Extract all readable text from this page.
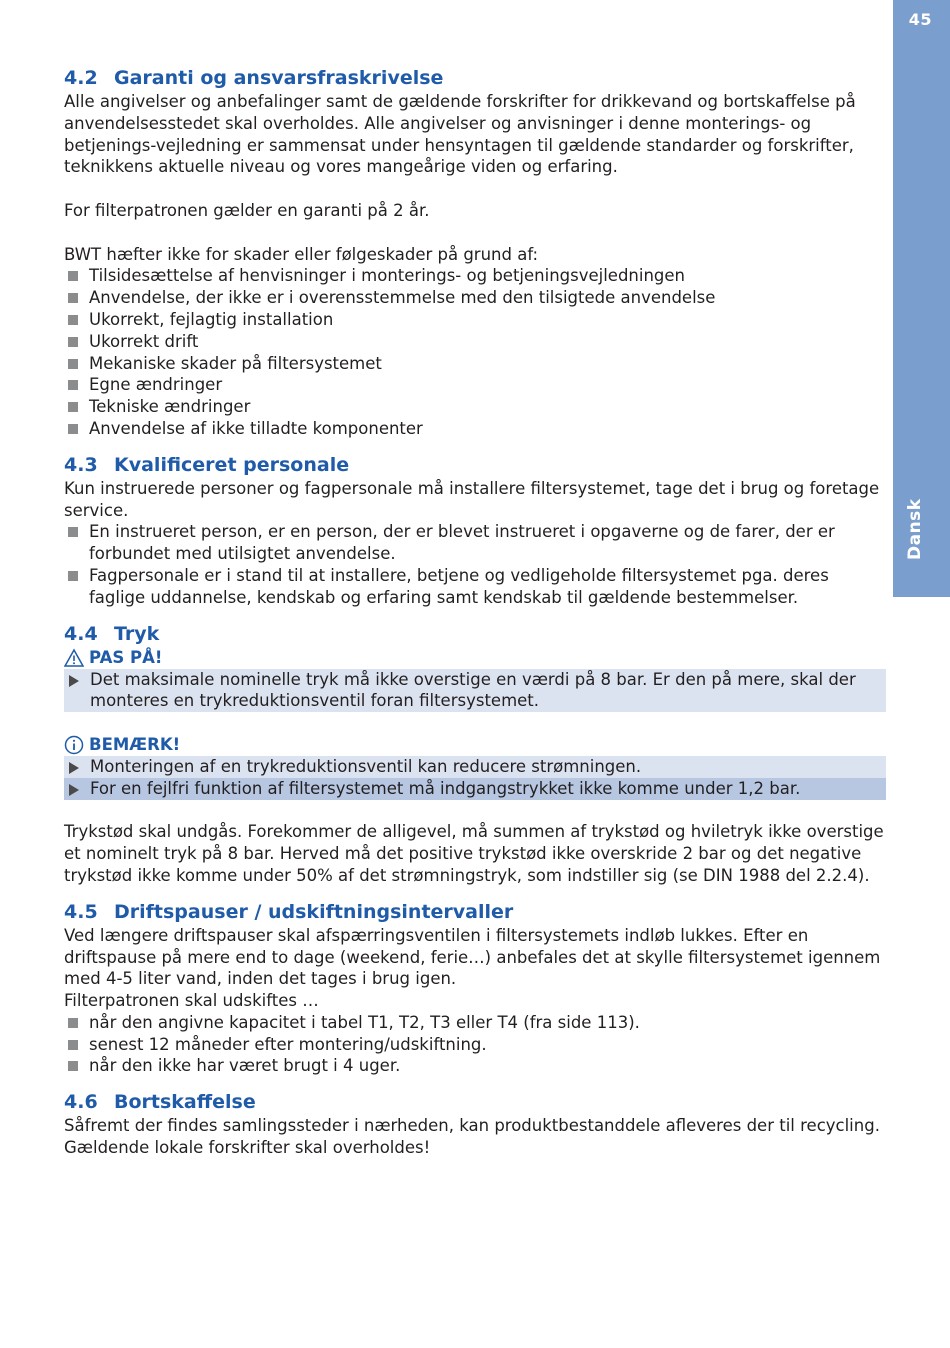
45
Dansk
4.2 Garanti og ansvarsfraskrivelse

Alle angivelser og anbefalinger samt de gældende forskrifter for drikkevand og bortskaffelse på anvendelsesstedet skal overholdes. Alle angivelser og anvisninger i denne monterings- og betjenings-vejledning er sammensat under hensyntagen til gældende standarder og forskrifter, teknikkens aktuelle niveau og vores mangeårige viden og erfaring.

For filterpatronen gælder en garanti på 2 år.

BWT hæfter ikke for skader eller følgeskader på grund af:

Tilsidesættelse af henvisninger i monterings- og betjeningsvejledningen
Anvendelse, der ikke er i overensstemmelse med den tilsigtede anvendelse
Ukorrekt, fejlagtig installation
Ukorrekt drift
Mekaniske skader på filtersystemet
Egne ændringer
Tekniske ændringer
Anvendelse af ikke tilladte komponenter
4.3 Kvalificeret personale

Kun instruerede personer og fagpersonale må installere filtersystemet, tage det i brug og foretage service.

En instrueret person, er en person, der er blevet instrueret i opgaverne og de farer, der er forbundet med utilsigtet anvendelse.
Fagpersonale er i stand til at installere, betjene og vedligeholde filtersystemet pga. deres faglige uddannelse, kendskab og erfaring samt kendskab til gældende bestemmelser.
4.4 Tryk
PAS PÅ!
Det maksimale nominelle tryk må ikke overstige en værdi på 8 bar. Er den på mere, skal der monteres en trykreduktionsventil foran filtersystemet.
BEMÆRK!
Monteringen af en trykreduktionsventil kan reducere strømningen.
For en fejlfri funktion af filtersystemet må indgangstrykket ikke komme under 1,2 bar.

Trykstød skal undgås. Forekommer de alligevel, må summen af trykstød og hviletryk ikke overstige et nominelt tryk på 8 bar. Herved må det positive trykstød ikke overskride 2 bar og det negative trykstød ikke komme under 50% af det strømningstryk, som indstiller sig (se DIN 1988 del 2.2.4).

4.5 Driftspauser / udskiftningsintervaller

Ved længere driftspauser skal afspærringsventilen i filtersystemets indløb lukkes. Efter en driftspause på mere end to dage (weekend, ferie…) anbefales det at skylle filtersystemet igennem med 4-5 liter vand, inden det tages i brug igen.

Filterpatronen skal udskiftes …

når den angivne kapacitet i tabel T1, T2, T3 eller T4 (fra side 113).
senest 12 måneder efter montering/udskiftning.
når den ikke har været brugt i 4 uger.
4.6 Bortskaffelse

Såfremt der findes samlingssteder i nærheden, kan produktbestanddele afleveres der til recycling. Gældende lokale forskrifter skal overholdes!
